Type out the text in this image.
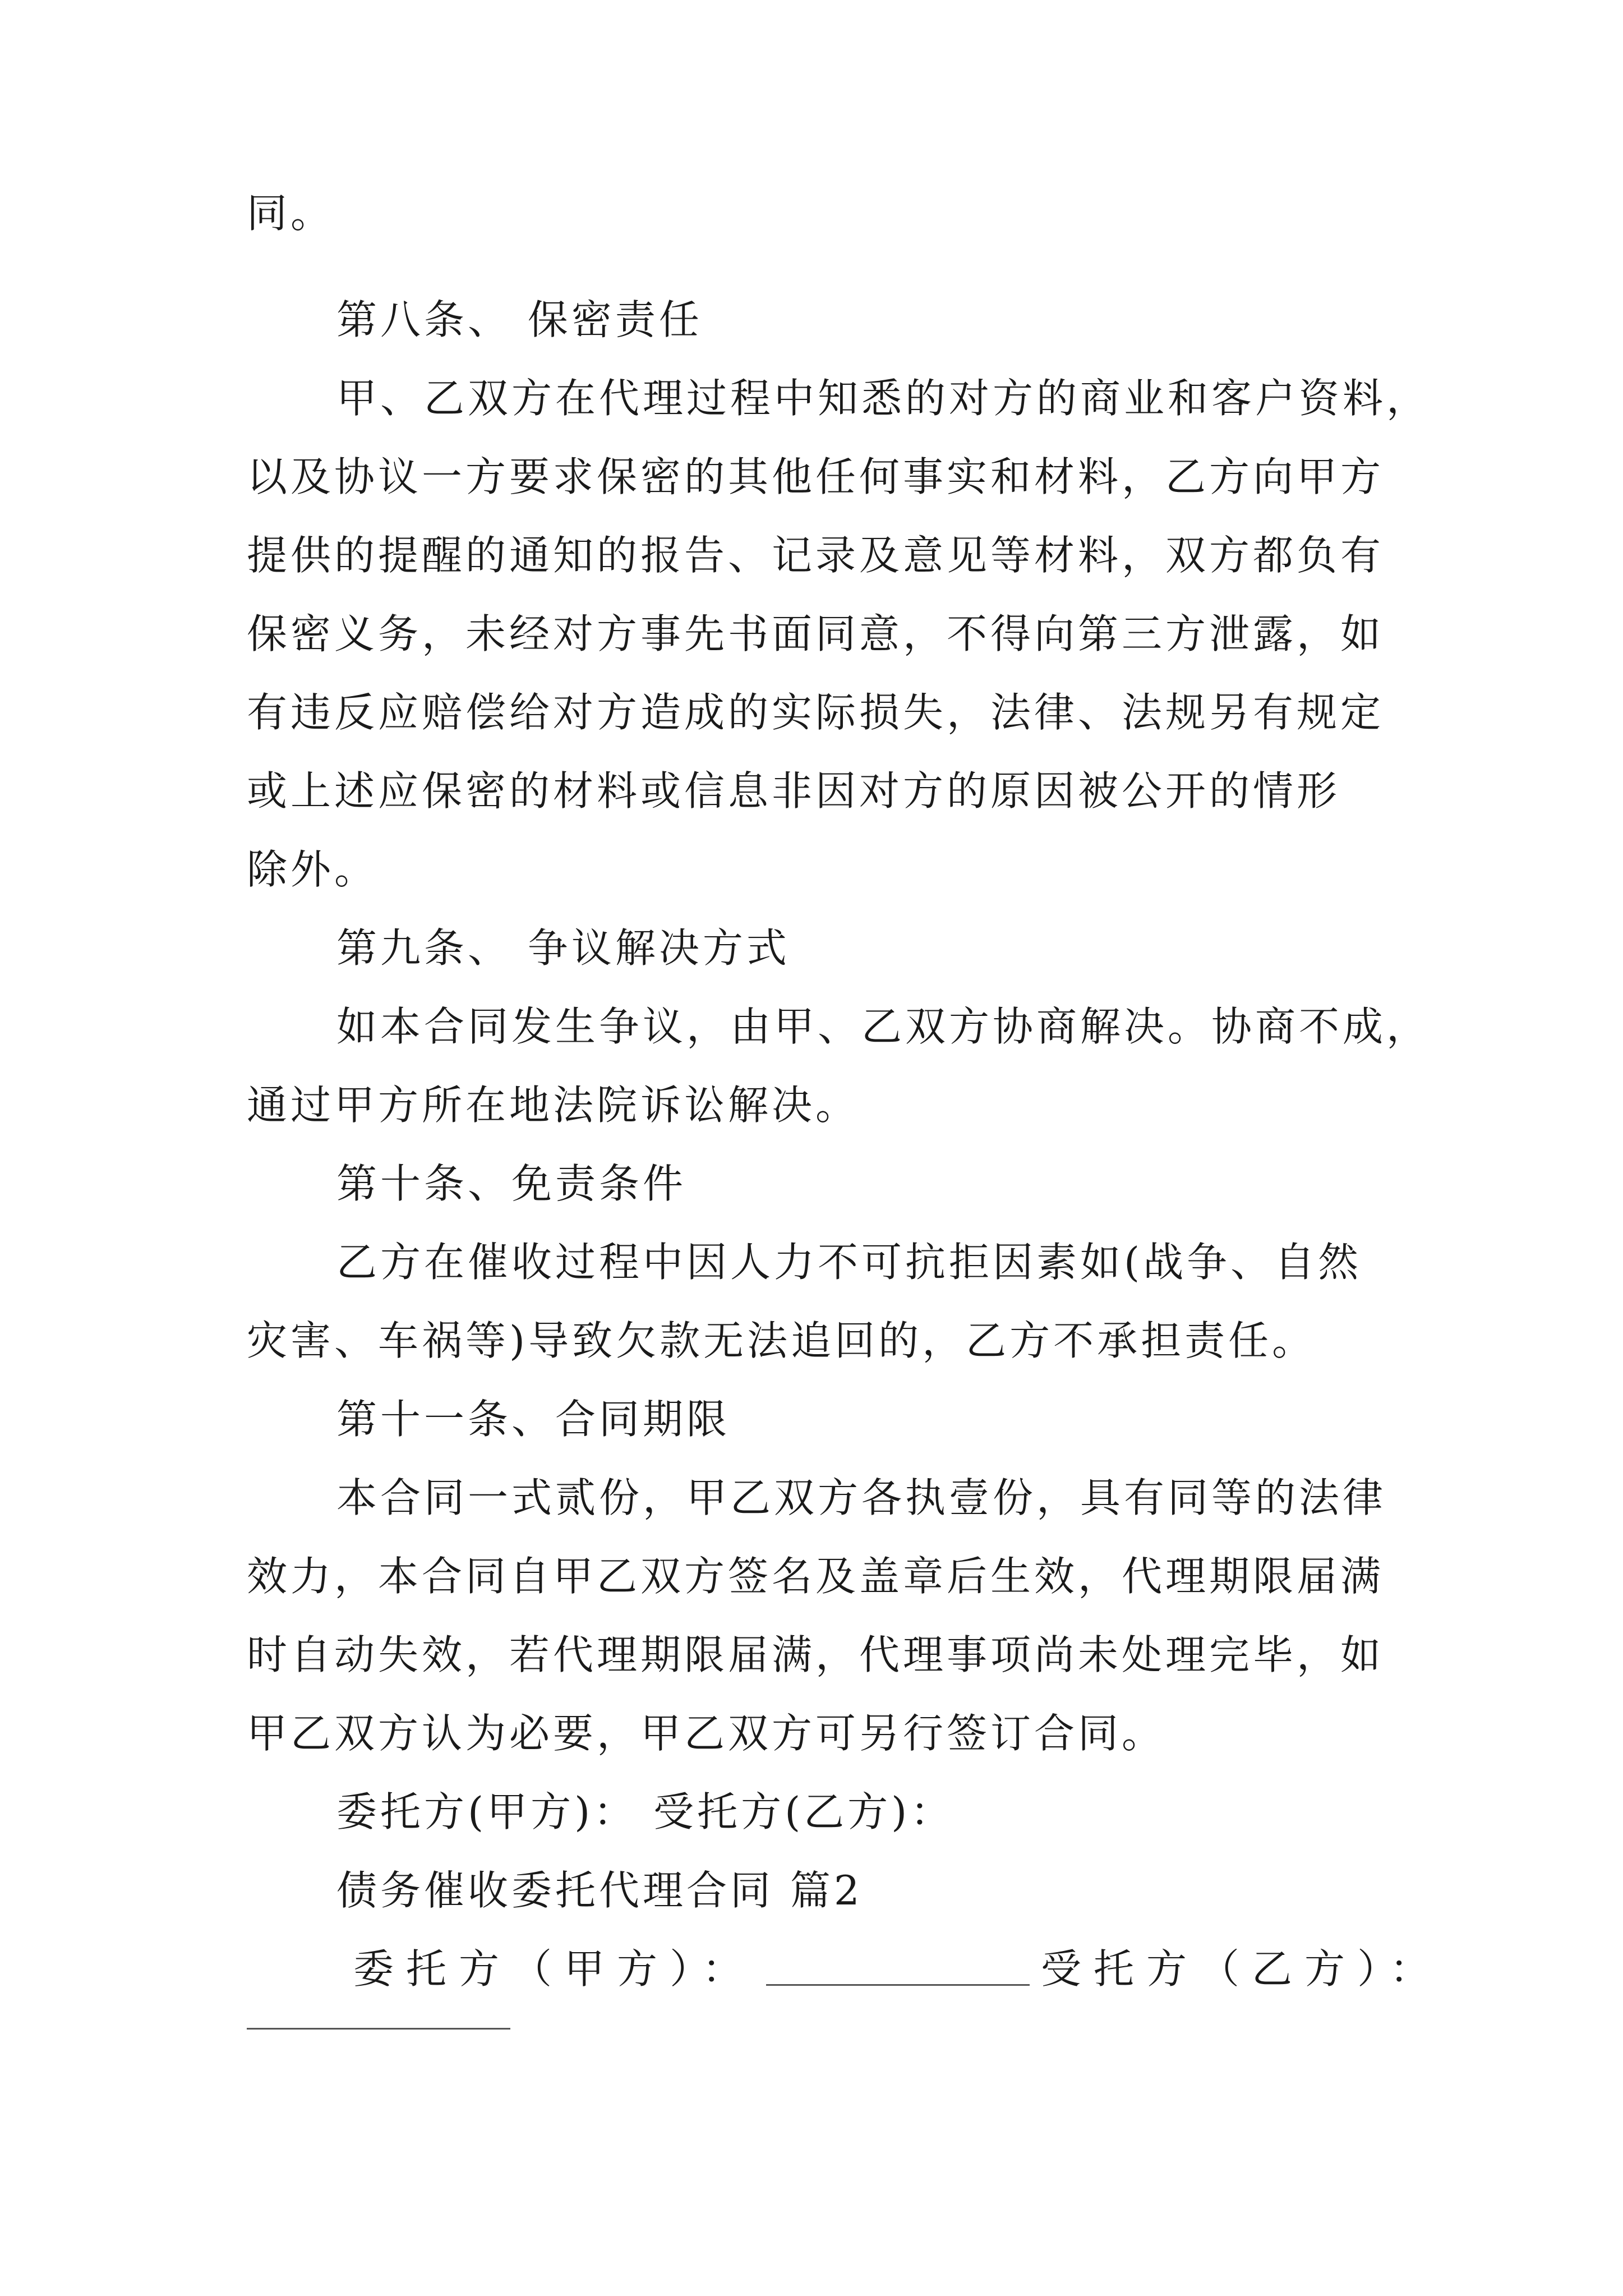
同。
第八条、 保密责任
甲、乙双方在代理过程中知悉的对方的商业和客户资料，
以及协议一方要求保密的其他任何事实和材料，乙方向甲方
提供的提醒的通知的报告、记录及意见等材料，双方都负有
保密义务，未经对方事先书面同意，不得向第三方泄露，如
有违反应赔偿给对方造成的实际损失，法律、法规另有规定
或上述应保密的材料或信息非因对方的原因被公开的情形
除外。
第九条、 争议解决方式
如本合同发生争议，由甲、乙双方协商解决。协商不成，
通过甲方所在地法院诉讼解决。
第十条、免责条件
乙方在催收过程中因人力不可抗拒因素如(战争、自然
灾害、车祸等)导致欠款无法追回的，乙方不承担责任。
第十一条、合同期限
本合同一式贰份，甲乙双方各执壹份，具有同等的法律
效力，本合同自甲乙双方签名及盖章后生效，代理期限届满
时自动失效，若代理期限届满，代理事项尚未处理完毕，如
甲乙双方认为必要，甲乙双方可另行签订合同。
委托方(甲方)： 受托方(乙方)：
债务催收委托代理合同 篇2
委托方（甲方）：	受托方（乙方）：
